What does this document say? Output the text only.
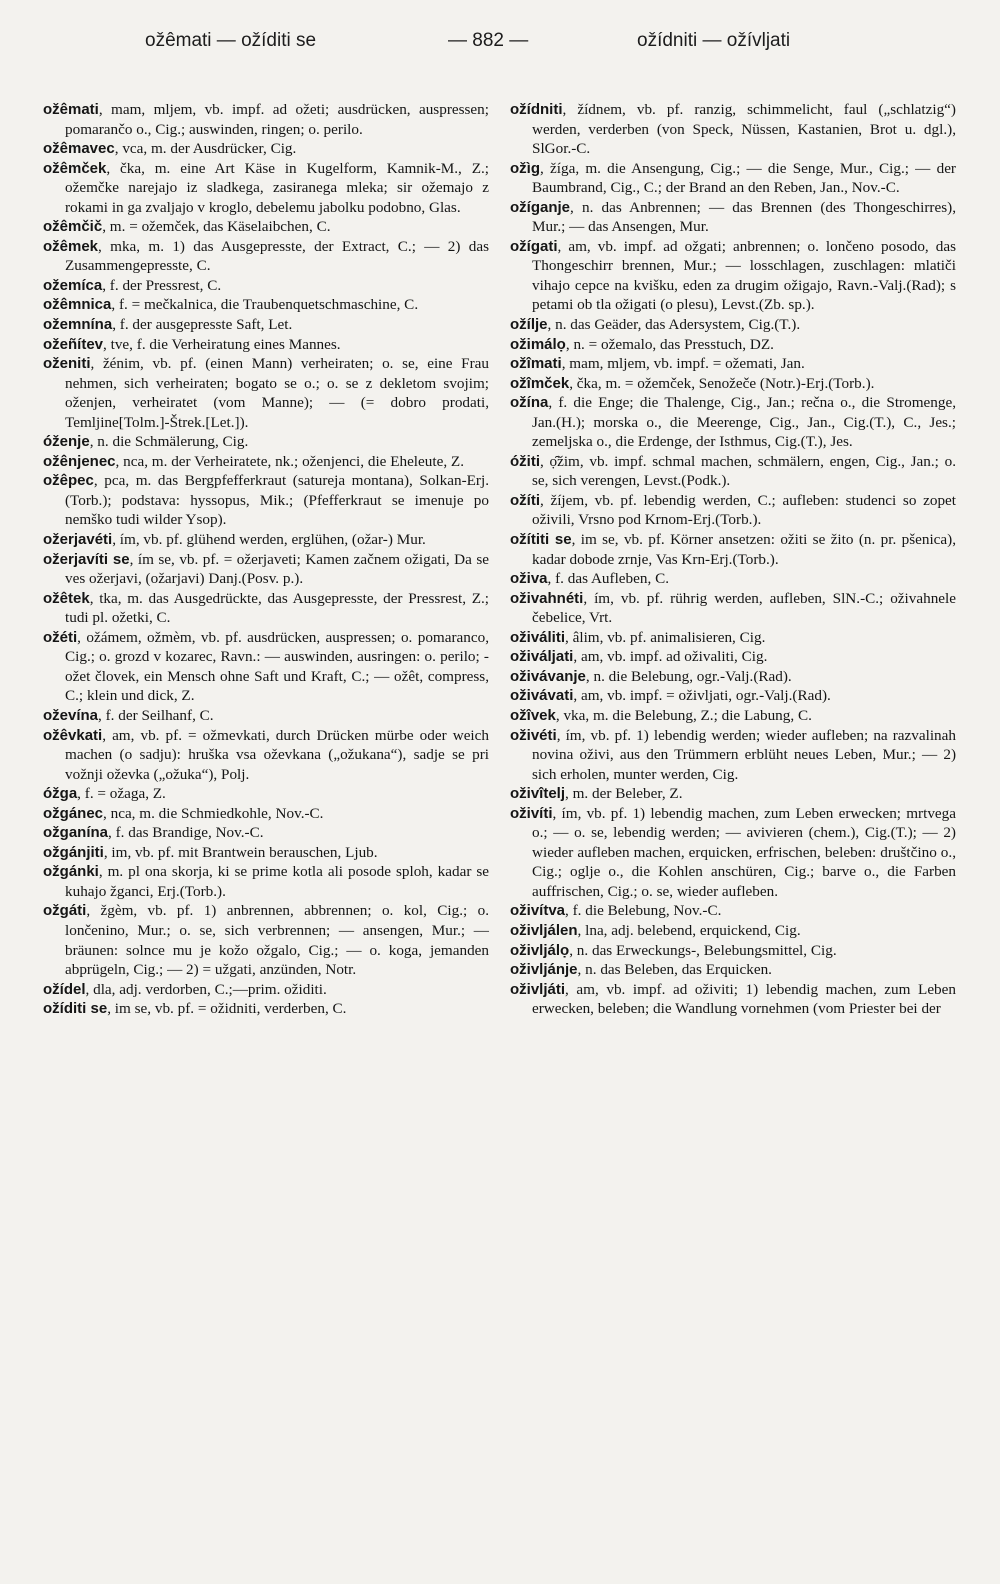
ožêmati — ožíditi se	— 882 —	ožídniti — ožívljati

ožêmati, mam, mljem, vb. impf. ad ožeti; ausdrücken, auspressen; pomarančo o., Cig.; auswinden, ringen; o. perilo.

ožêmavec, vca, m. der Ausdrücker, Cig.

ožêmček, čka, m. eine Art Käse in Kugelform, Kamnik-M., Z.; ožemčke narejajo iz sladkega, zasiranega mleka; sir ožemajo z rokami in ga zvaljajo v kroglo, debelemu jabolku podobno, Glas.

ožêmčič, m. = ožemček, das Käselaibchen, C.

ožêmek, mka, m. 1) das Ausgepresste, der Extract, C.; — 2) das Zusammengepresste, C.

ožemíca, f. der Pressrest, C.

ožêmnica, f. = mečkalnica, die Traubenquetschmaschine, C.

ožemnína, f. der ausgepresste Saft, Let.

ožeñítev, tve, f. die Verheiratung eines Mannes.

oženiti, žénim, vb. pf. (einen Mann) verheiraten; o. se, eine Frau nehmen, sich verheiraten; bogato se o.; o. se z dekletom svojim; oženjen, verheiratet (vom Manne); — (= dobro prodati, Temljine[Tolm.]-Štrek.[Let.]).

óženje, n. die Schmälerung, Cig.

ožênjenec, nca, m. der Verheiratete, nk.; oženjenci, die Eheleute, Z.

ožêpec, pca, m. das Bergpfefferkraut (satureja montana), Solkan-Erj.(Torb.); podstava: hyssopus, Mik.; (Pfefferkraut se imenuje po nemško tudi wilder Ysop).

ožerjavéti, ím, vb. pf. glühend werden, erglühen, (ožar-) Mur.

ožerjavíti se, ím se, vb. pf. = ožerjaveti; Kamen začnem ožigati, Da se ves ožerjavi, (ožarjavi) Danj.(Posv. p.).

ožêtek, tka, m. das Ausgedrückte, das Ausgepresste, der Pressrest, Z.; tudi pl. ožetki, C.

ožéti, ožámem, ožmèm, vb. pf. ausdrücken, auspressen; o. pomaranco, Cig.; o. grozd v kozarec, Ravn.: — auswinden, ausringen: o. perilo; - ožet človek, ein Mensch ohne Saft und Kraft, C.; — ožêt, compress, C.; klein und dick, Z.

oževína, f. der Seilhanf, C.

ožêvkati, am, vb. pf. = ožmevkati, durch Drücken mürbe oder weich machen (o sadju): hruška vsa oževkana („ožukana“), sadje se pri vožnji oževka („ožuka“), Polj.

óžga, f. = ožaga, Z.

ožgánec, nca, m. die Schmiedkohle, Nov.-C.

ožganína, f. das Brandige, Nov.-C.

ožgánjiti, im, vb. pf. mit Brantwein berauschen, Ljub.

ožgánki, m. pl ona skorja, ki se prime kotla ali posode sploh, kadar se kuhajo žganci, Erj.(Torb.).

ožgáti, žgèm, vb. pf. 1) anbrennen, abbrennen; o. kol, Cig.; o. lončenino, Mur.; o. se, sich verbrennen; — ansengen, Mur.; — bräunen: solnce mu je kožo ožgalo, Cig.; — o. koga, jemanden abprügeln, Cig.; — 2) = užgati, anzünden, Notr.

ožídel, dla, adj. verdorben, C.;—prim. ožiditi.

ožíditi se, im se, vb. pf. = ožidniti, verderben, C.

ožídniti, žídnem, vb. pf. ranzig, schimmelicht, faul („schlatzig“) werden, verderben (von Speck, Nüssen, Kastanien, Brot u. dgl.), SlGor.-C.

ožìg, žíga, m. die Ansengung, Cig.; — die Senge, Mur., Cig.; — der Baumbrand, Cig., C.; der Brand an den Reben, Jan., Nov.-C.

ožíganje, n. das Anbrennen; — das Brennen (des Thongeschirres), Mur.; — das Ansengen, Mur.

ožígati, am, vb. impf. ad ožgati; anbrennen; o. lončeno posodo, das Thongeschirr brennen, Mur.; — losschlagen, zuschlagen: mlatiči vihajo cepce na kvišku, eden za drugim ožigajo, Ravn.-Valj.(Rad); s petami ob tla ožigati (o plesu), Levst.(Zb. sp.).

ožílje, n. das Geäder, das Adersystem, Cig.(T.).

ožimálọ, n. = ožemalo, das Presstuch, DZ.

ožîmati, mam, mljem, vb. impf. = ožemati, Jan.

ožîmček, čka, m. = ožemček, Senožeče (Notr.)-Erj.(Torb.).

ožína, f. die Enge; die Thalenge, Cig., Jan.; rečna o., die Stromenge, Jan.(H.); morska o., die Meerenge, Cig., Jan., Cig.(T.), C., Jes.; zemeljska o., die Erdenge, der Isthmus, Cig.(T.), Jes.

óžiti, ọ̑žim, vb. impf. schmal machen, schmälern, engen, Cig., Jan.; o. se, sich verengen, Levst.(Podk.).

ožíti, žíjem, vb. pf. lebendig werden, C.; aufleben: studenci so zopet oživili, Vrsno pod Krnom-Erj.(Torb.).

ožítiti se, im se, vb. pf. Körner ansetzen: ožiti se žito (n. pr. pšenica), kadar dobode zrnje, Vas Krn-Erj.(Torb.).

oživa, f. das Aufleben, C.

oživahnéti, ím, vb. pf. rührig werden, aufleben, SlN.-C.; oživahnele čebelice, Vrt.

oživáliti, âlim, vb. pf. animalisieren, Cig.

oživáljati, am, vb. impf. ad oživaliti, Cig.

oživávanje, n. die Belebung, ogr.-Valj.(Rad).

oživávati, am, vb. impf. = oživljati, ogr.-Valj.(Rad).

ožîvek, vka, m. die Belebung, Z.; die Labung, C.

oživéti, ím, vb. pf. 1) lebendig werden; wieder aufleben; na razvalinah novina oživi, aus den Trümmern erblüht neues Leben, Mur.; — 2) sich erholen, munter werden, Cig.

oživîtelj, m. der Beleber, Z.

oživíti, ím, vb. pf. 1) lebendig machen, zum Leben erwecken; mrtvega o.; — o. se, lebendig werden; — avivieren (chem.), Cig.(T.); — 2) wieder aufleben machen, erquicken, erfrischen, beleben: društčino o., Cig.; oglje o., die Kohlen anschüren, Cig.; barve o., die Farben auffrischen, Cig.; o. se, wieder aufleben.

oživítva, f. die Belebung, Nov.-C.

oživljálen, lna, adj. belebend, erquickend, Cig.

oživljálọ, n. das Erweckungs-, Belebungsmittel, Cig.

oživljánje, n. das Beleben, das Erquicken.

oživljáti, am, vb. impf. ad oživiti; 1) lebendig machen, zum Leben erwecken, beleben; die Wandlung vornehmen (vom Priester bei der
